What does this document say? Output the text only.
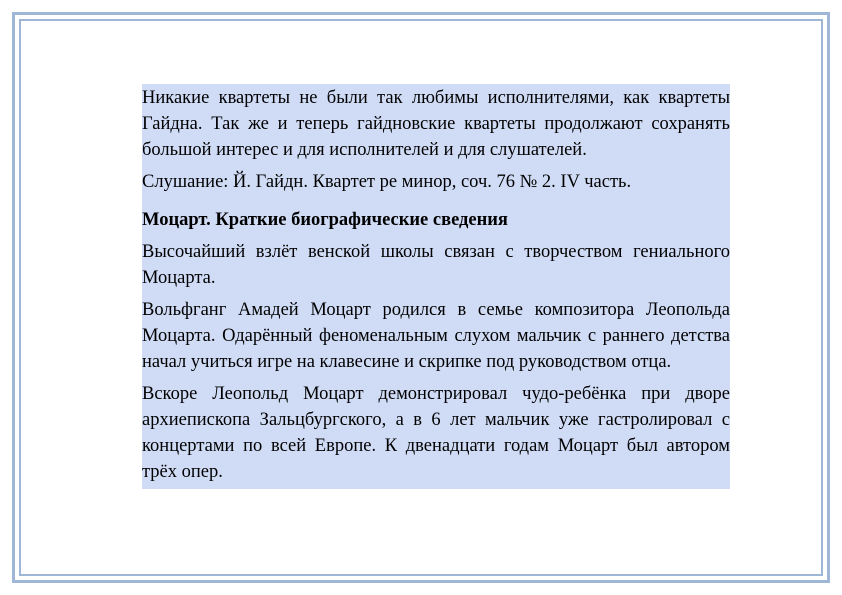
Никакие квартеты не были так любимы исполнителями, как квартеты Гайдна. Так же и теперь гайдновские квартеты продолжают сохранять большой интерес и для исполнителей и для слушателей.

Слушание: Й. Гайдн. Квартет ре минор, соч. 76 № 2. IV часть.

Моцарт. Краткие биографические сведения

Высочайший взлёт венской школы связан с творчеством гениального Моцарта.

Вольфганг Амадей Моцарт родился в семье композитора Леопольда Моцарта. Одарённый феноменальным слухом мальчик с раннего детства начал учиться игре на клавесине и скрипке под руководством отца.

Вскоре Леопольд Моцарт демонстрировал чудо-ребёнка при дворе архиепископа Зальцбургского, а в 6 лет мальчик уже гастролировал с концертами по всей Европе. К двенадцати годам Моцарт был автором трёх опер.
